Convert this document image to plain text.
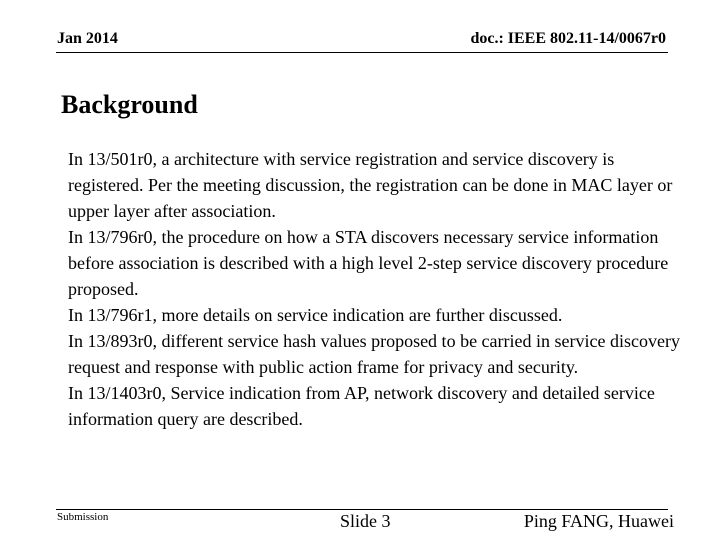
Jan 2014	doc.: IEEE 802.11-14/0067r0
Background
In 13/501r0, a architecture with service registration and service discovery is registered. Per the meeting discussion, the registration can be done in MAC layer or upper layer after association.
In 13/796r0, the procedure on how a STA discovers necessary service information before association is described with a high level 2-step service discovery procedure proposed.
In 13/796r1, more details on service indication are further discussed.
In 13/893r0, different service hash values proposed to be carried in service discovery request and response with public action frame for privacy and security.
In 13/1403r0, Service indication from AP, network discovery and detailed service information query are described.
Submission	Slide 3	Ping FANG, Huawei
